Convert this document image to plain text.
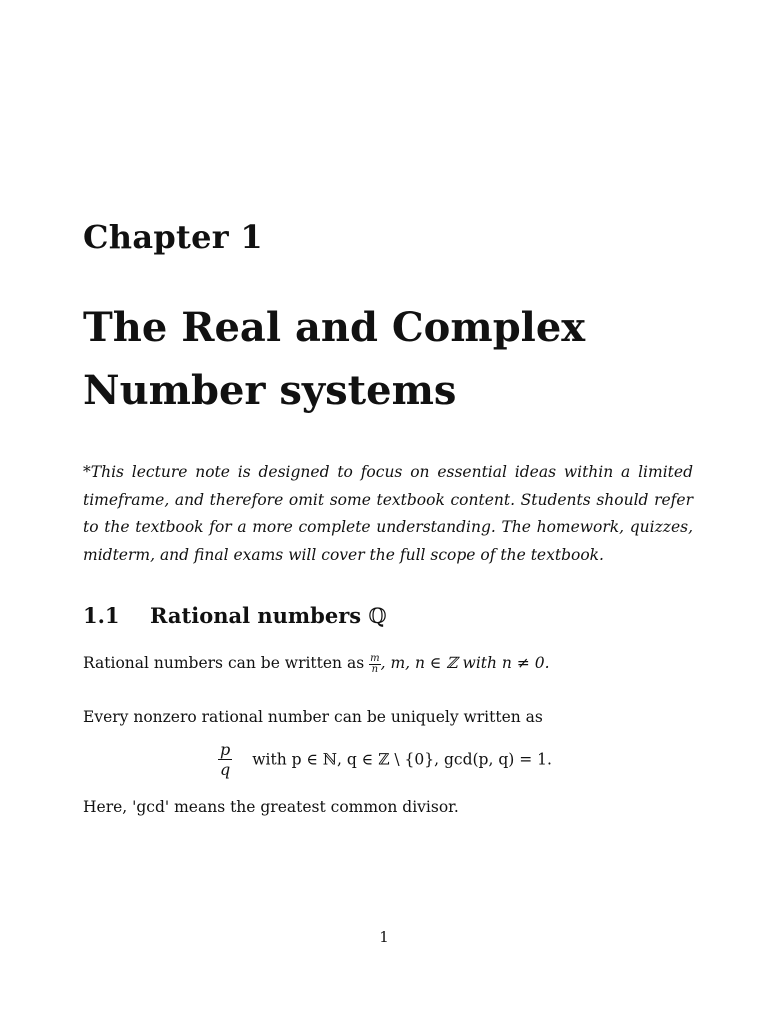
Chapter 1
The Real and Complex
Number systems
*This lecture note is designed to focus on essential ideas within a limited timeframe, and therefore omit some textbook content. Students should refer to the textbook for a more complete understanding. The homework, quizzes, midterm, and final exams will cover the full scope of the textbook.
1.1 Rational numbers ℚ
Rational numbers can be written as $\frac{m}{n}$ , m, n ∈ ℤ with n ≠ 0.
Every nonzero rational number can be uniquely written as
$\frac{p}{q}$ with p ∈ ℕ, q ∈ ℤ \ {0}, gcd(p, q) = 1.
Here, 'gcd' means the greatest common divisor.
1
